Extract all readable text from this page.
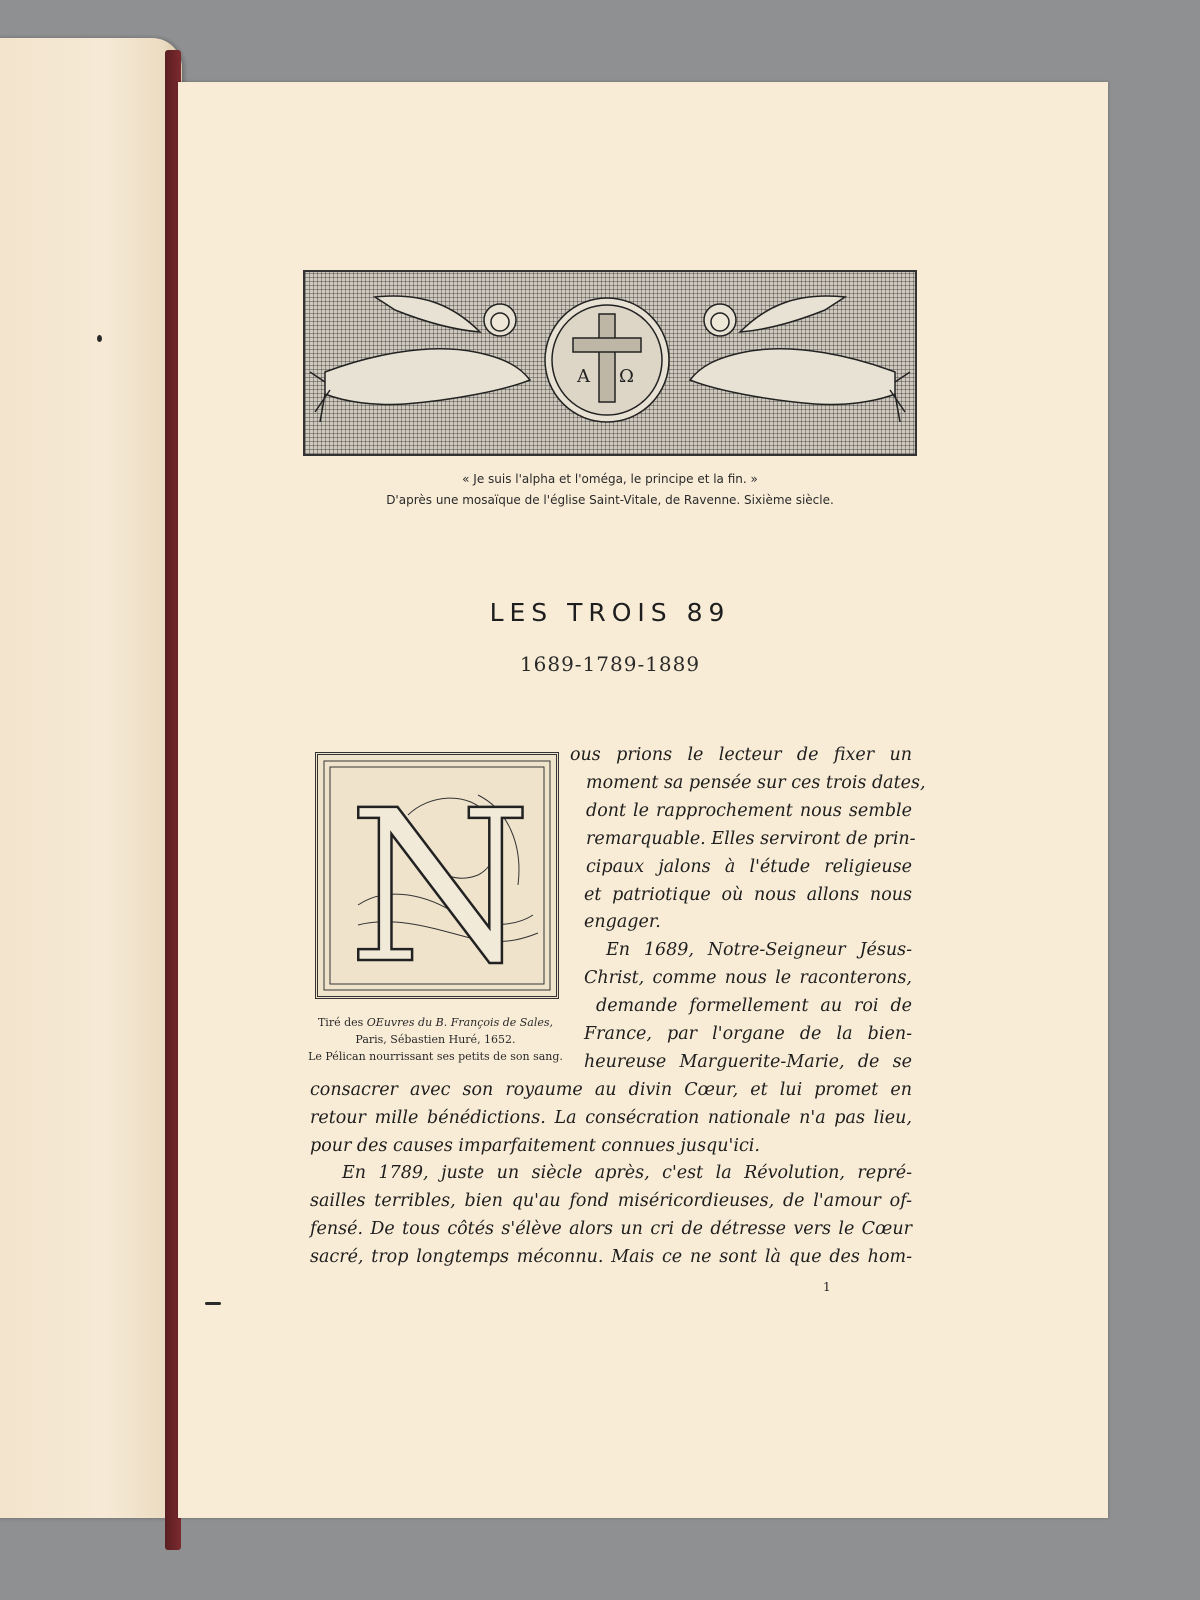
A Ω
« Je suis l'alpha et l'oméga, le principe et la fin. »
D'après une mosaïque de l'église Saint-Vitale, de Ravenne. Sixième siècle.
LES TROIS 89
1689-1789-1889
N
Tiré des OEuvres du B. François de Sales,
Paris, Sébastien Huré, 1652.
Le Pélican nourrissant ses petits de son sang.
ous prions le lecteur de fixer un
moment sa pensée sur ces trois dates,
dont le rapprochement nous semble
remarquable. Elles serviront de prin-
cipaux jalons à l'étude religieuse
et patriotique où nous allons nous
engager.
En 1689, Notre-Seigneur Jésus-
Christ, comme nous le raconterons,
demande formellement au roi de
France, par l'organe de la bien-
heureuse Marguerite-Marie, de se
consacrer avec son royaume au divin Cœur, et lui promet en
retour mille bénédictions. La consécration nationale n'a pas lieu,
pour des causes imparfaitement connues jusqu'ici.
En 1789, juste un siècle après, c'est la Révolution, repré-
sailles terribles, bien qu'au fond miséricordieuses, de l'amour of-
fensé. De tous côtés s'élève alors un cri de détresse vers le Cœur
sacré, trop longtemps méconnu. Mais ce ne sont là que des hom-
1
